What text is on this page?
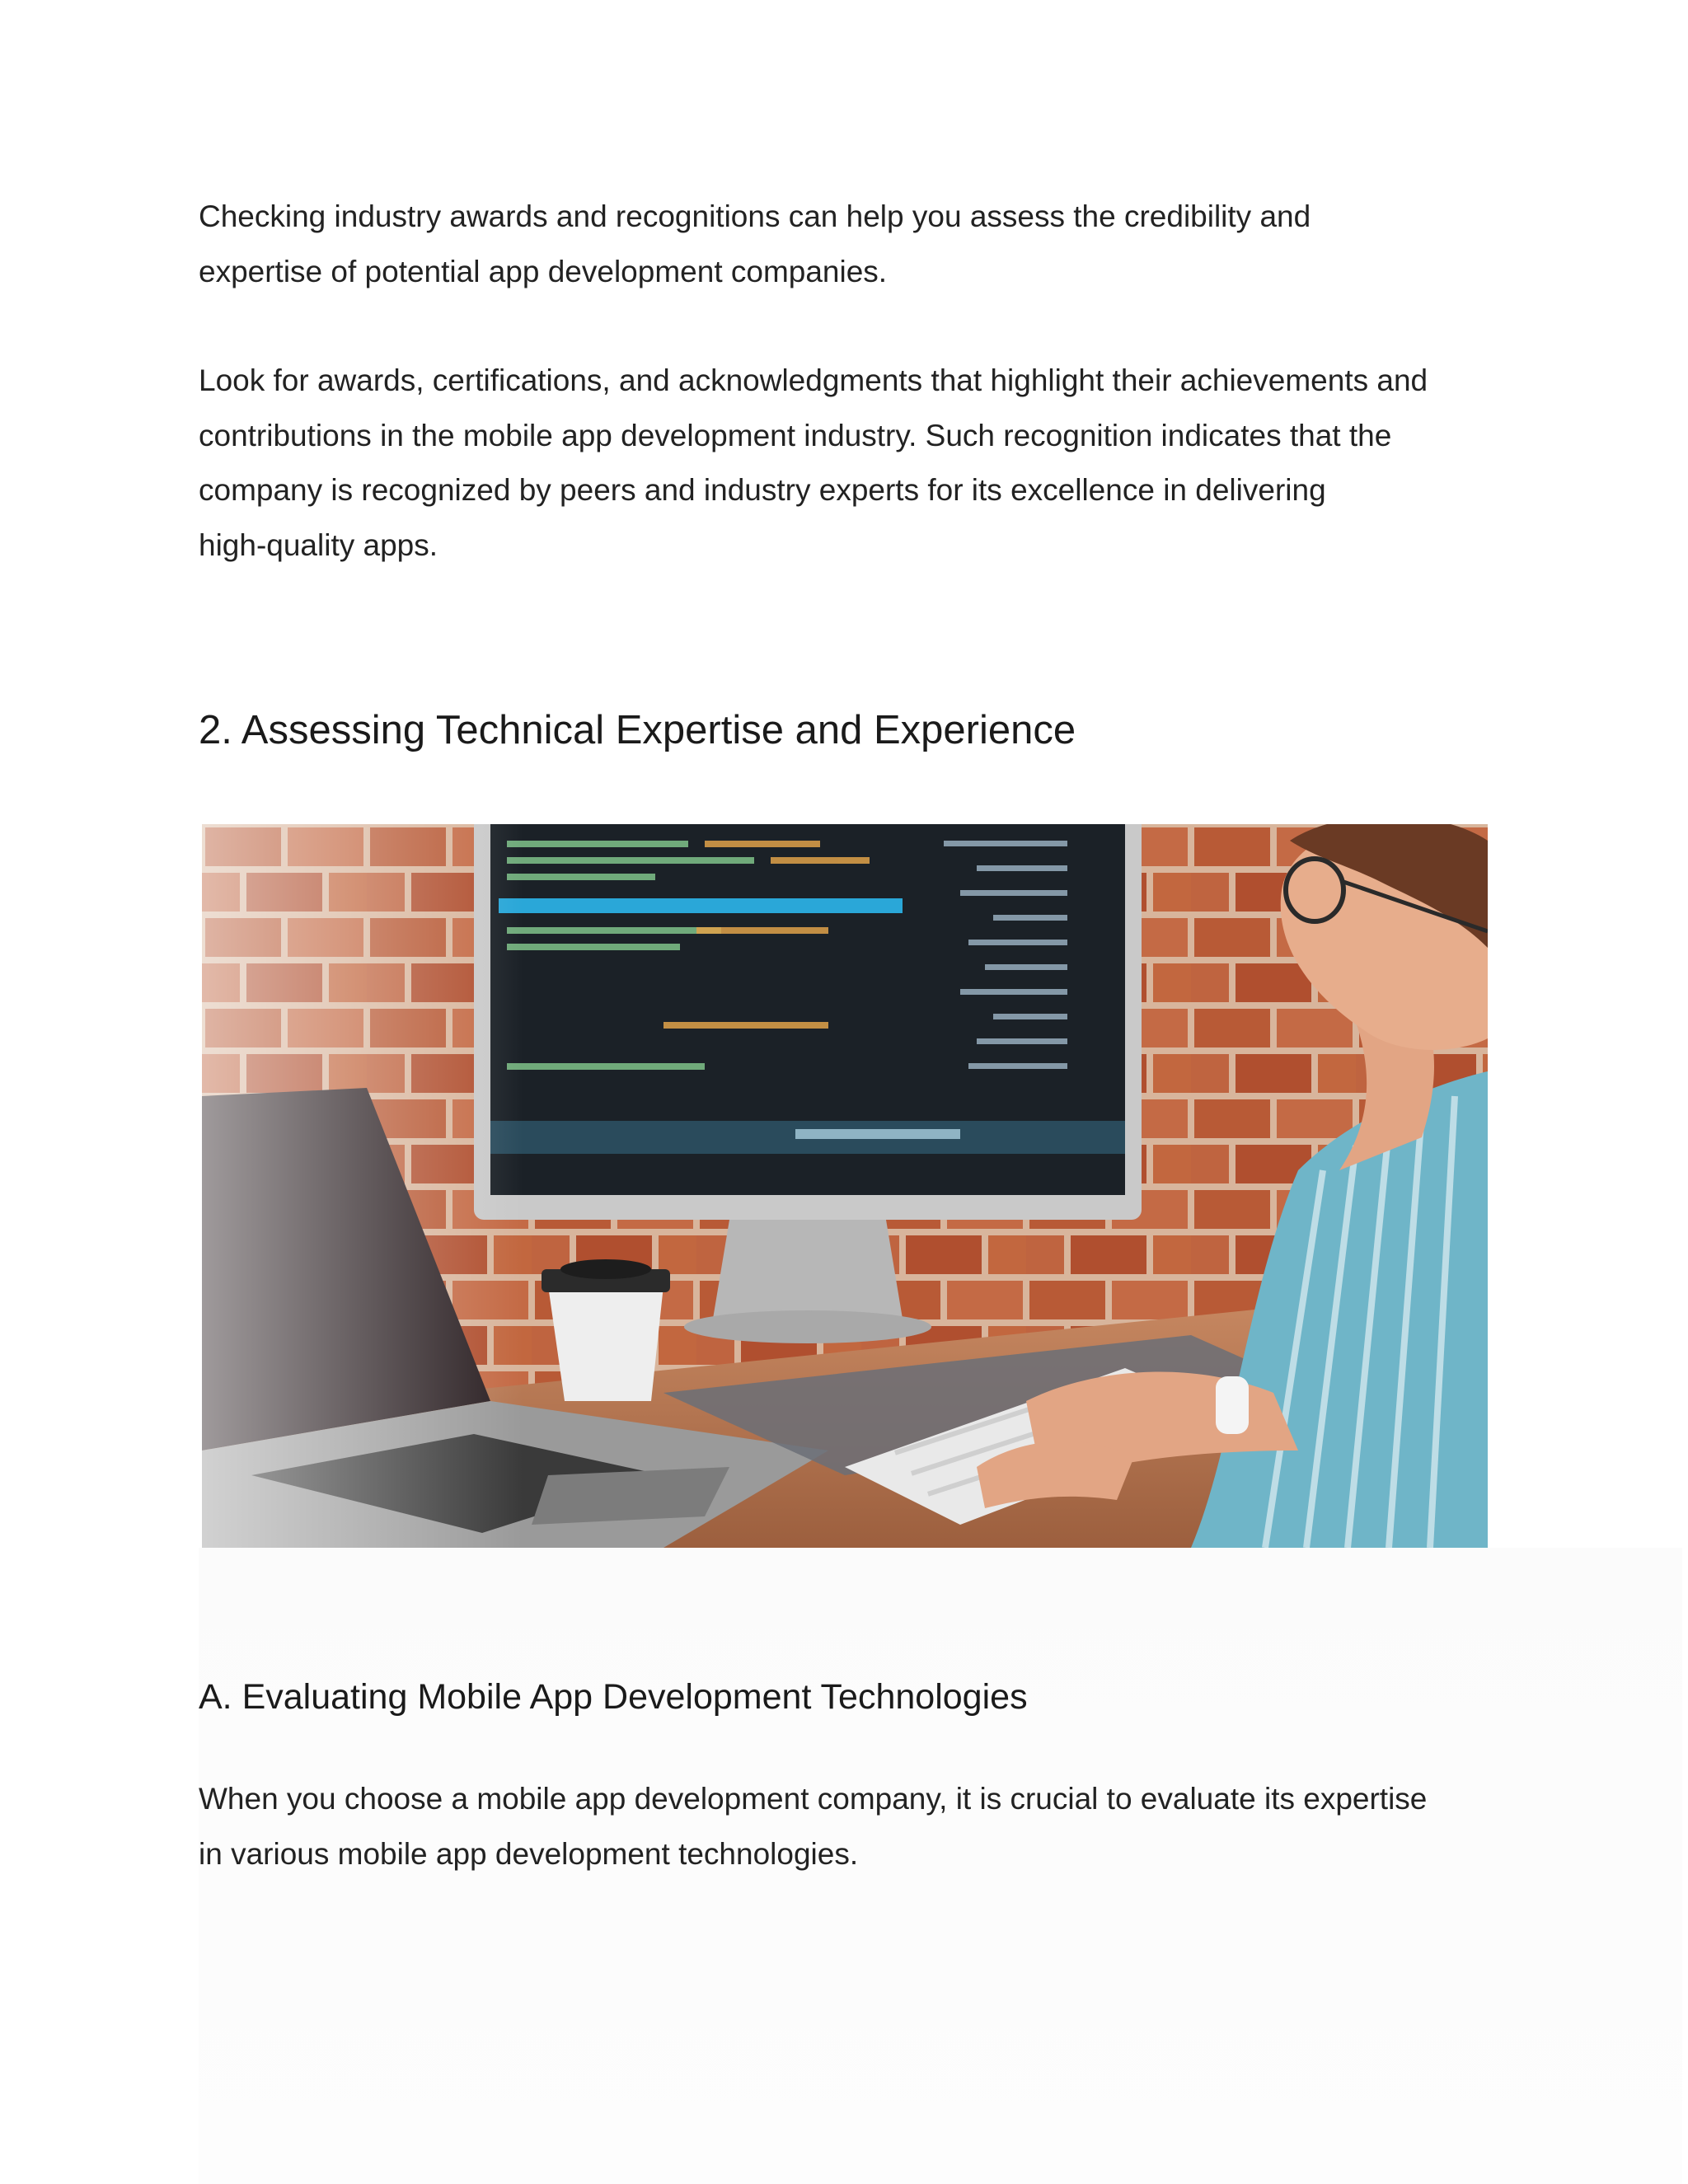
Checking industry awards and recognitions can help you assess the credibility and
expertise of potential app development companies.

Look for awards, certifications, and acknowledgments that highlight their achievements and
contributions in the mobile app development industry. Such recognition indicates that the
company is recognized by peers and industry experts for its excellence in delivering
high-quality apps.

2. Assessing Technical Expertise and Experience
A. Evaluating Mobile App Development Technologies

When you choose a mobile app development company, it is crucial to evaluate its expertise
in various mobile app development technologies.
